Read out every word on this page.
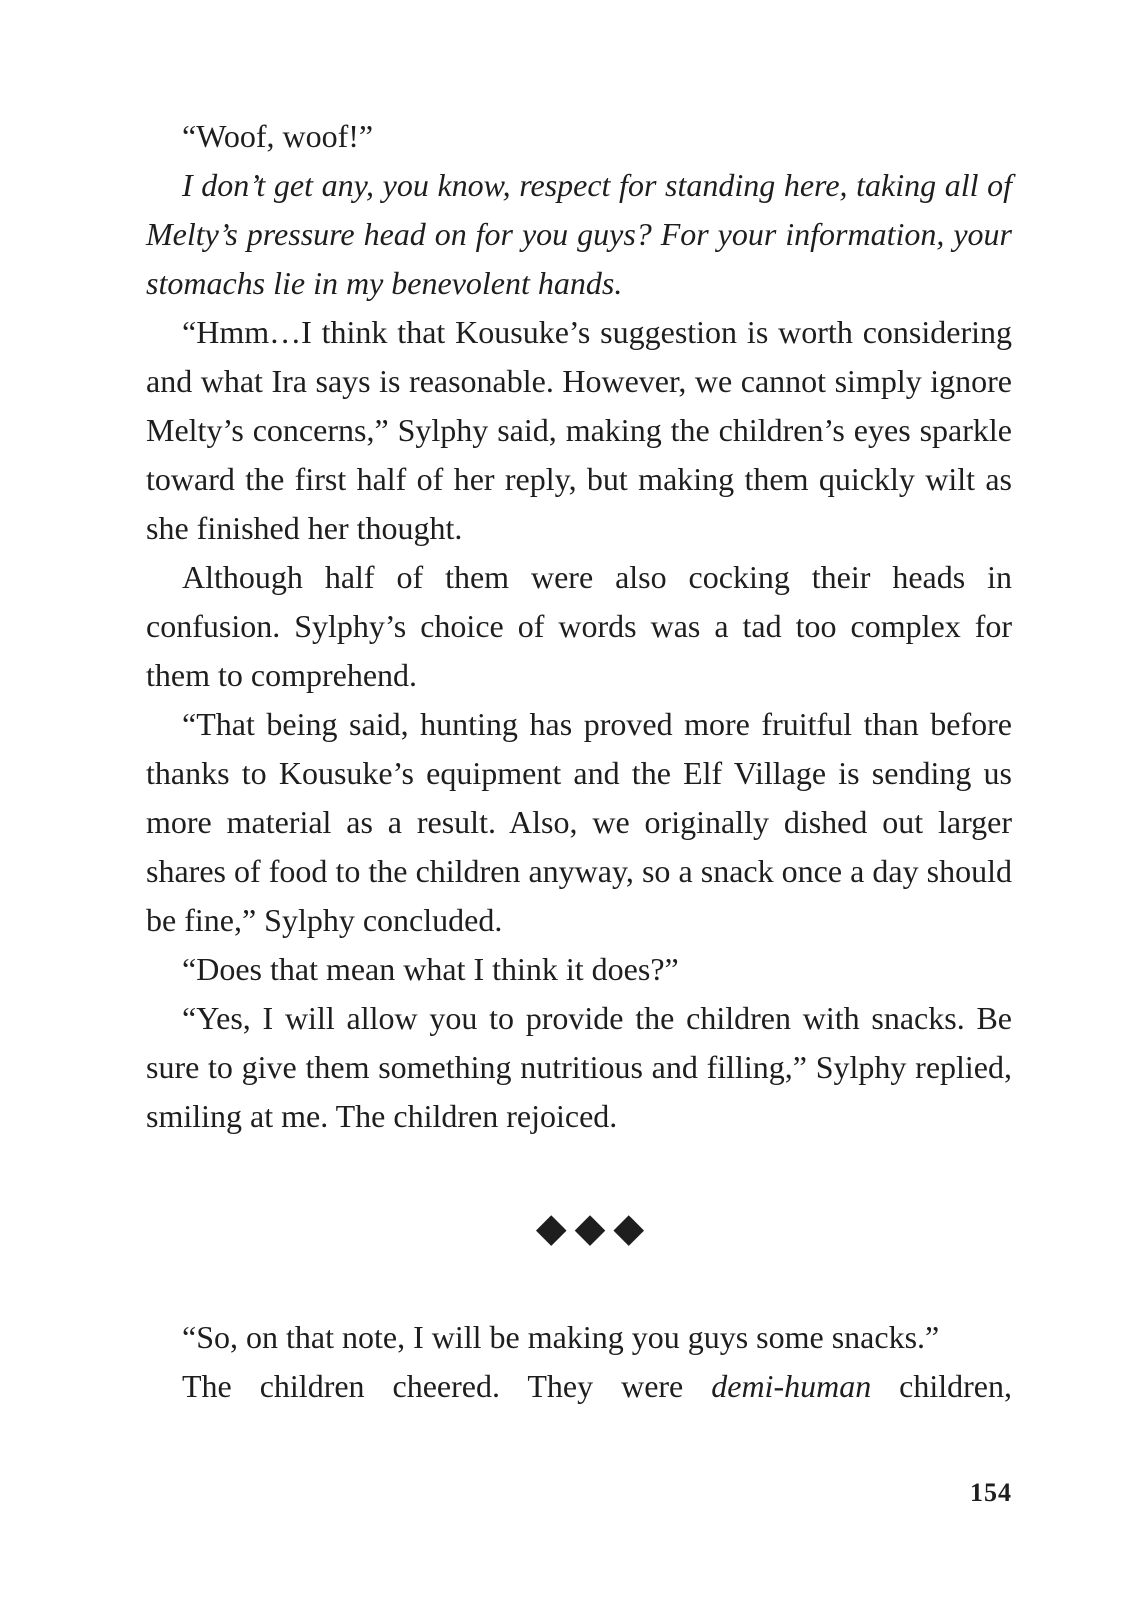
“Woof, woof!”

I don’t get any, you know, respect for standing here, taking all of Melty’s pressure head on for you guys? For your information, your stomachs lie in my benevolent hands.

“Hmm…I think that Kousuke’s suggestion is worth considering and what Ira says is reasonable. However, we cannot simply ignore Melty’s concerns,” Sylphy said, making the children’s eyes sparkle toward the first half of her reply, but making them quickly wilt as she finished her thought.

Although half of them were also cocking their heads in confusion. Sylphy’s choice of words was a tad too complex for them to comprehend.

“That being said, hunting has proved more fruitful than before thanks to Kousuke’s equipment and the Elf Village is sending us more material as a result. Also, we originally dished out larger shares of food to the children anyway, so a snack once a day should be fine,” Sylphy concluded.

“Does that mean what I think it does?”

“Yes, I will allow you to provide the children with snacks. Be sure to give them something nutritious and filling,” Sylphy replied, smiling at me. The children rejoiced.

◆◆◆

“So, on that note, I will be making you guys some snacks.”

The children cheered. They were demi-human children,

154
